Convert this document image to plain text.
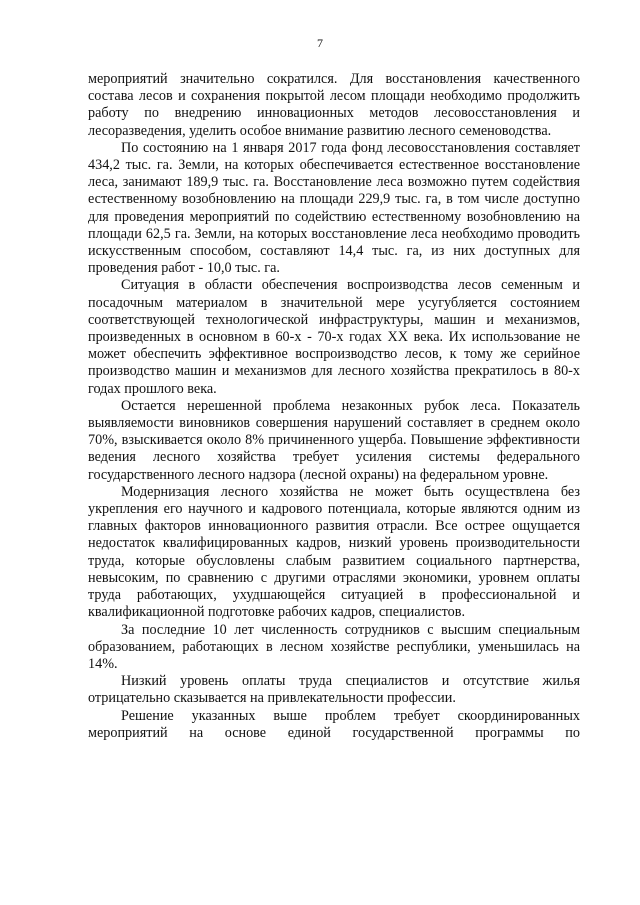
7

мероприятий значительно сократился. Для восстановления качественного состава лесов и сохранения покрытой лесом площади необходимо продолжить работу по внедрению инновационных методов лесовосстановления и лесоразведения, уделить особое внимание развитию лесного семеноводства.

По состоянию на 1 января 2017 года фонд лесовосстановления составляет 434,2 тыс. га. Земли, на которых обеспечивается естественное восстановление леса, занимают 189,9 тыс. га. Восстановление леса возможно путем содействия естественному возобновлению на площади 229,9 тыс. га, в том числе доступно для проведения мероприятий по содействию естественному возобновлению на площади 62,5 га. Земли, на которых восстановление леса необходимо проводить искусственным способом, составляют 14,4 тыс. га, из них доступных для проведения работ - 10,0 тыс. га.

Ситуация в области обеспечения воспроизводства лесов семенным и посадочным материалом в значительной мере усугубляется состоянием соответствующей технологической инфраструктуры, машин и механизмов, произведенных в основном в 60-х - 70-х годах XX века. Их использование не может обеспечить эффективное воспроизводство лесов, к тому же серийное производство машин и механизмов для лесного хозяйства прекратилось в 80-х годах прошлого века.

Остается нерешенной проблема незаконных рубок леса. Показатель выявляемости виновников совершения нарушений составляет в среднем около 70%, взыскивается около 8% причиненного ущерба. Повышение эффективности ведения лесного хозяйства требует усиления системы федерального государственного лесного надзора (лесной охраны) на федеральном уровне.

Модернизация лесного хозяйства не может быть осуществлена без укрепления его научного и кадрового потенциала, которые являются одним из главных факторов инновационного развития отрасли. Все острее ощущается недостаток квалифицированных кадров, низкий уровень производительности труда, которые обусловлены слабым развитием социального партнерства, невысоким, по сравнению с другими отраслями экономики, уровнем оплаты труда работающих, ухудшающейся ситуацией в профессиональной и квалификационной подготовке рабочих кадров, специалистов.

За последние 10 лет численность сотрудников с высшим специальным образованием, работающих в лесном хозяйстве республики, уменьшилась на 14%.

Низкий уровень оплаты труда специалистов и отсутствие жилья отрицательно сказывается на привлекательности профессии.

Решение указанных выше проблем требует скоординированных мероприятий на основе единой государственной программы по
